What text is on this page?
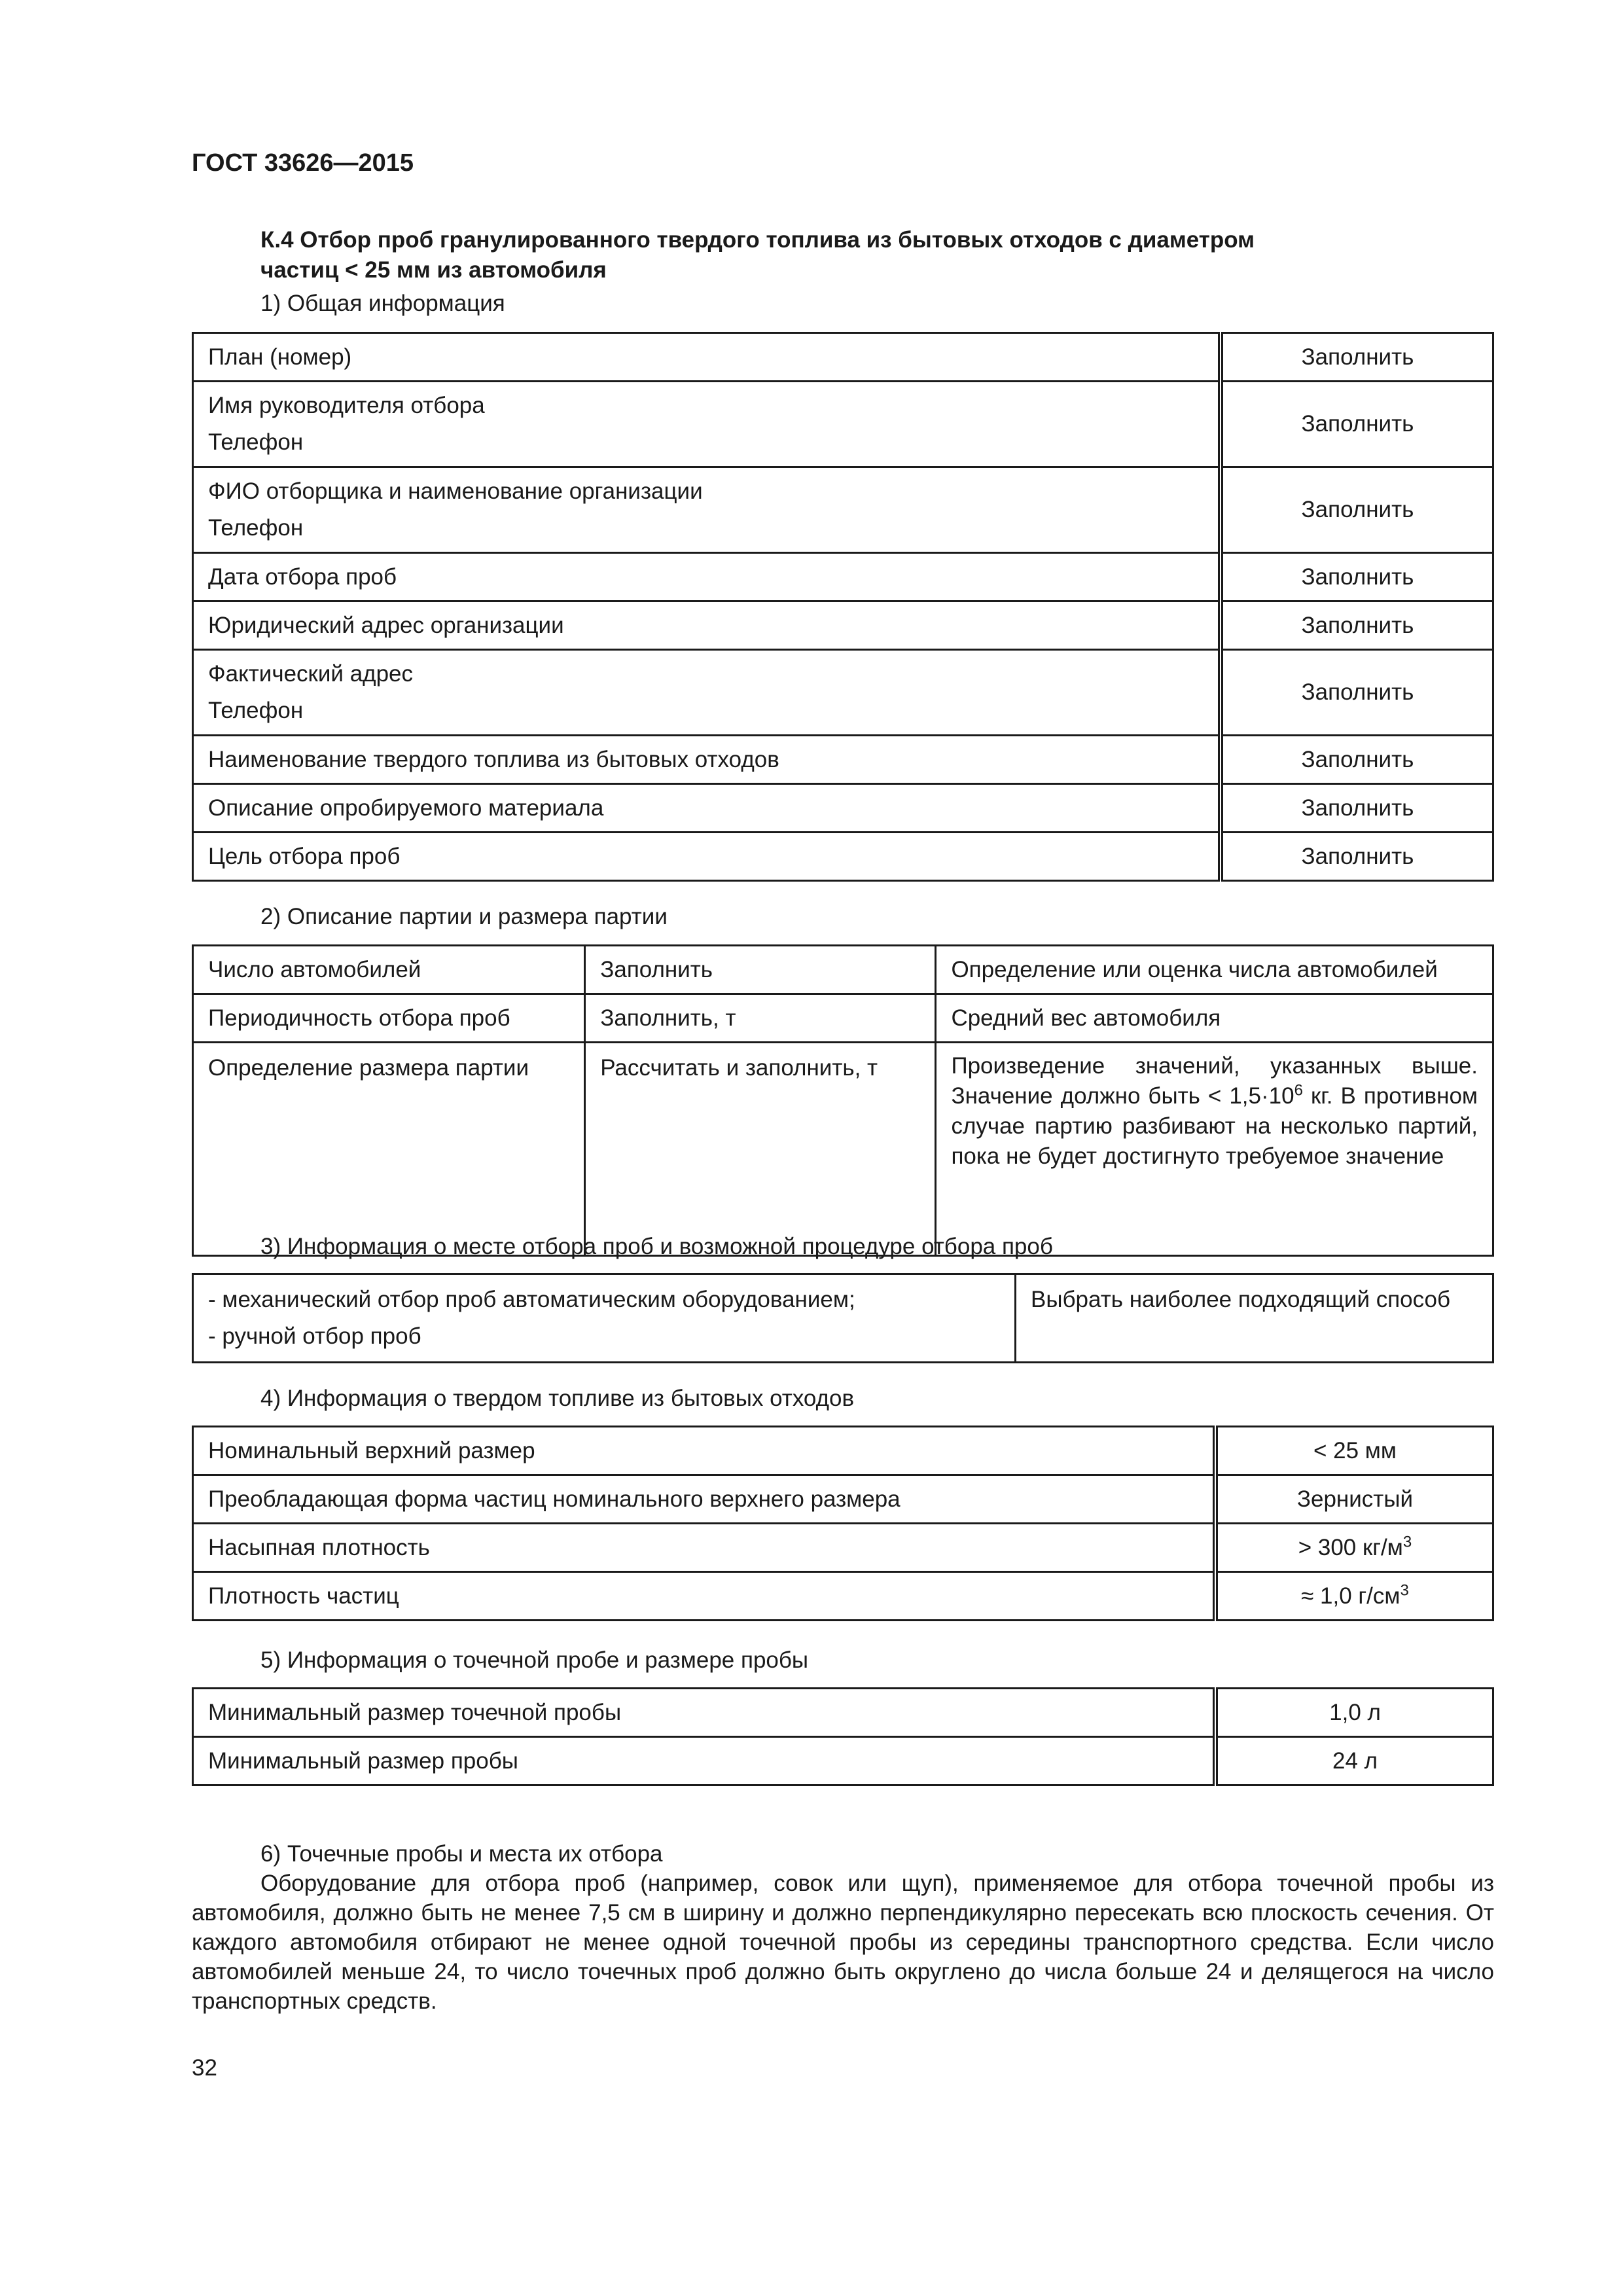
ГОСТ 33626—2015
К.4 Отбор проб гранулированного твердого топлива из бытовых отходов с диаметром
частиц < 25 мм из автомобиля
1) Общая информация
План (номер)	Заполнить

Имя руководителя отбора
Телефон	Заполнить

ФИО отборщика и наименование организации
Телефон	Заполнить
Дата отбора проб	Заполнить
Юридический адрес организации	Заполнить

Фактический адрес
Телефон	Заполнить
Наименование твердого топлива из бытовых отходов	Заполнить
Описание опробируемого материала	Заполнить
Цель отбора проб	Заполнить
2) Описание партии и размера партии
Число автомобилей	Заполнить	Определение или оценка числа автомобилей
Периодичность отбора проб	Заполнить, т	Средний вес автомобиля
Определение размера партии	Рассчитать и заполнить, т	Произведение значений, указанных выше. Значение должно быть < $1,5\cdot 10^6$ кг. В противном случае партию разбивают на несколько партий, пока не будет достигнуто требуемое значение
3) Информация о месте отбора проб и возможной процедуре отбора проб
- механический отбор проб автоматическим оборудованием;
- ручной отбор проб
	Выбрать наиболее подходящий способ
4) Информация о твердом топливе из бытовых отходов
Номинальный верхний размер	< 25 мм
Преобладающая форма частиц номинального верхнего размера	Зернистый
Насыпная плотность	> 300 $кг/м^3$
Плотность частиц	≈ 1,0 $г/см^3$
5) Информация о точечной пробе и размере пробы
Минимальный размер точечной пробы	1,0 л
Минимальный размер пробы	24 л
6) Точечные пробы и места их отбора
Оборудование для отбора проб (например, совок или щуп), применяемое для отбора точечной пробы из автомобиля, должно быть не менее 7,5 см в ширину и должно перпендикулярно пересекать всю плоскость сечения. От каждого автомобиля отбирают не менее одной точечной пробы из середины транспортного средства. Если число автомобилей меньше 24, то число точечных проб должно быть округлено до числа больше 24 и делящегося на число транспортных средств.
32
